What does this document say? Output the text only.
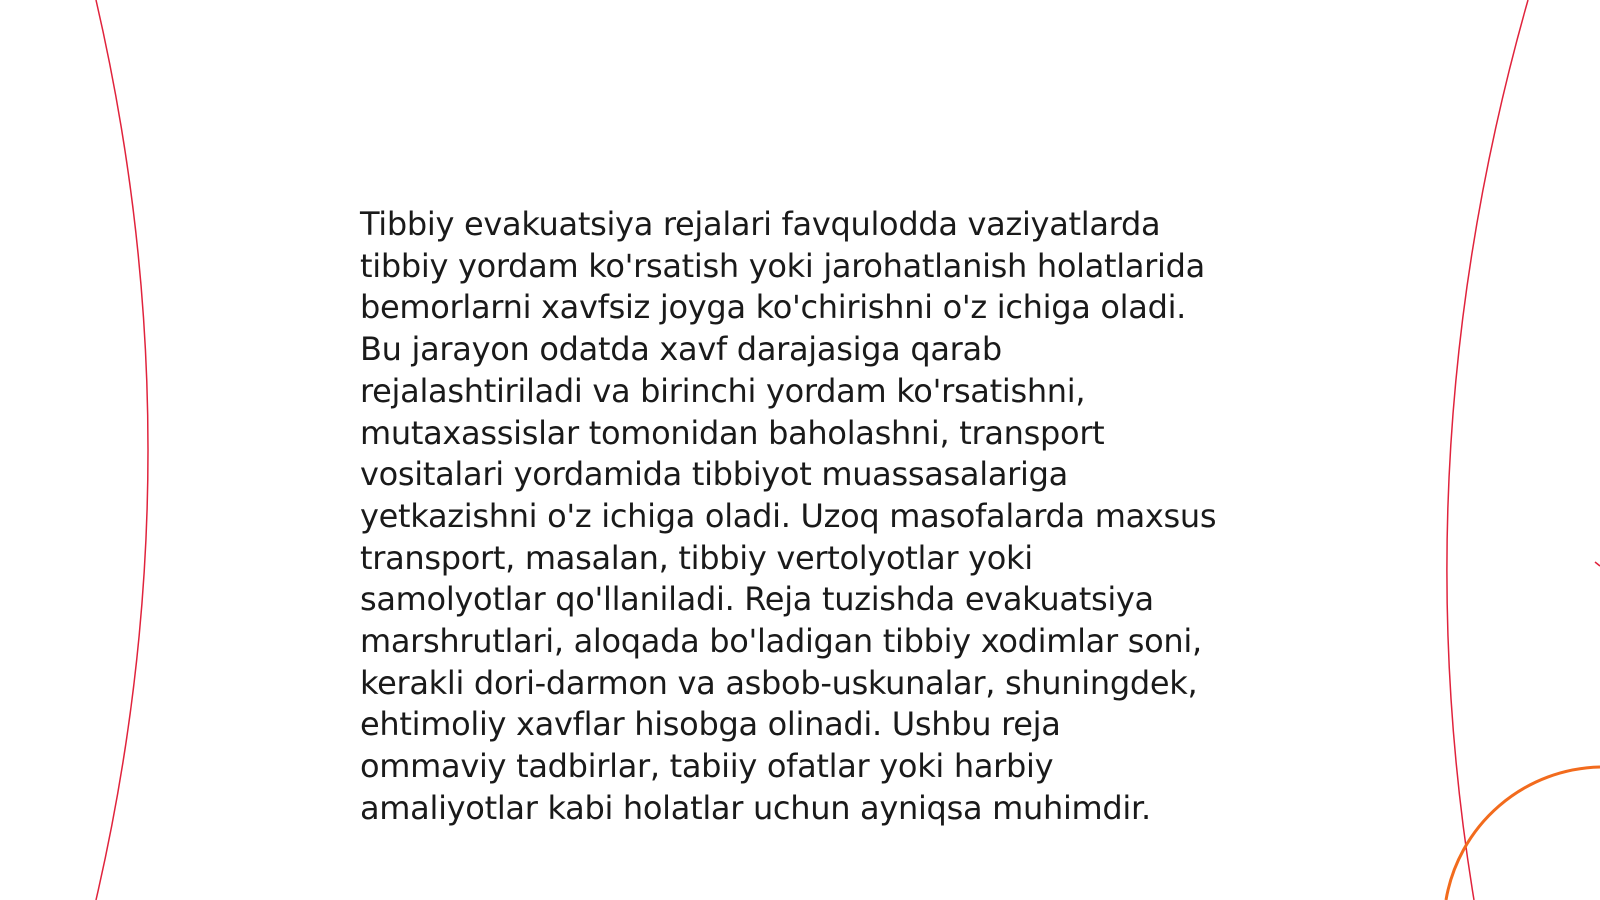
Tibbiy evakuatsiya rejalari favqulodda vaziyatlarda
tibbiy yordam ko'rsatish yoki jarohatlanish holatlarida
bemorlarni xavfsiz joyga ko'chirishni o'z ichiga oladi.
Bu jarayon odatda xavf darajasiga qarab
rejalashtiriladi va birinchi yordam ko'rsatishni,
mutaxassislar tomonidan baholashni, transport
vositalari yordamida tibbiyot muassasalariga
yetkazishni o'z ichiga oladi. Uzoq masofalarda maxsus
transport, masalan, tibbiy vertolyotlar yoki
samolyotlar qo'llaniladi. Reja tuzishda evakuatsiya
marshrutlari, aloqada bo'ladigan tibbiy xodimlar soni,
kerakli dori-darmon va asbob-uskunalar, shuningdek,
ehtimoliy xavflar hisobga olinadi. Ushbu reja
ommaviy tadbirlar, tabiiy ofatlar yoki harbiy
amaliyotlar kabi holatlar uchun ayniqsa muhimdir.
